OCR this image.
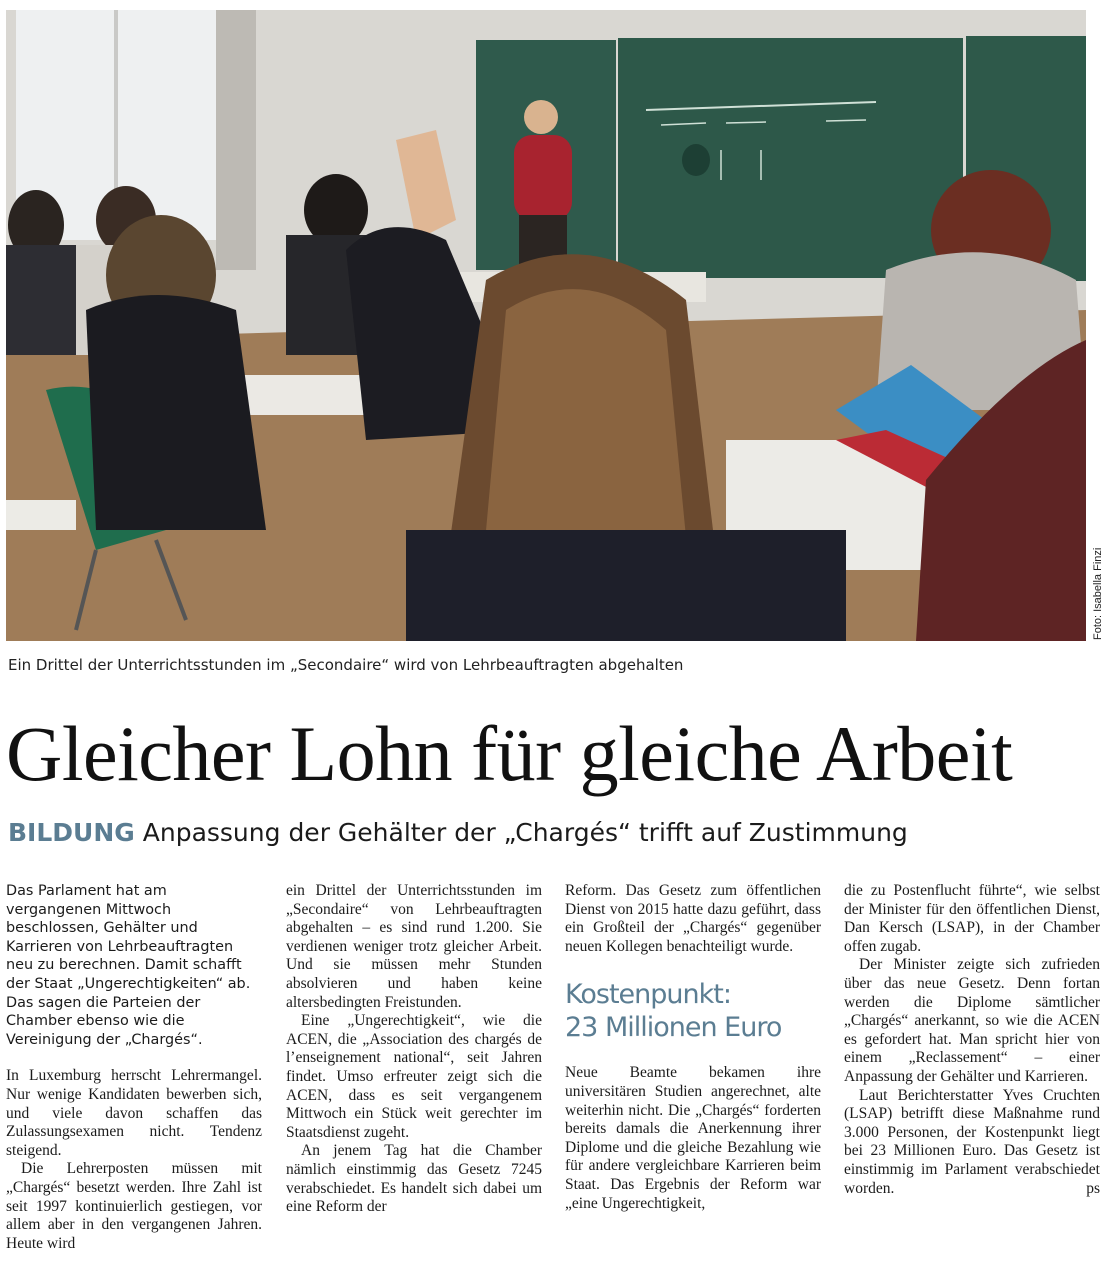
Foto: Isabella Finzi
Ein Drittel der Unterrichtsstunden im „Secondaire“ wird von Lehrbeauftragten abgehalten
Gleicher Lohn für gleiche Arbeit
BILDUNG Anpassung der Gehälter der „Chargés“ trifft auf Zustimmung

Das Parlament hat am vergangenen Mittwoch beschlossen, Gehälter und Karrieren von Lehrbeauftragten neu zu berechnen. Damit schafft der Staat „Ungerechtigkeiten“ ab. Das sagen die Parteien der Chamber ebenso wie die Vereinigung der „Chargés“.

In Luxemburg herrscht Lehrermangel. Nur wenige Kandidaten bewerben sich, und viele davon schaffen das Zulassungsexamen nicht. Tendenz steigend.

Die Lehrerposten müssen mit „Chargés“ besetzt werden. Ihre Zahl ist seit 1997 kontinuierlich gestiegen, vor allem aber in den vergangenen Jahren. Heute wird

ein Drittel der Unterrichtsstunden im „Secondaire“ von Lehrbeauftragten abgehalten – es sind rund 1.200. Sie verdienen weniger trotz gleicher Arbeit. Und sie müssen mehr Stunden absolvieren und haben keine altersbedingten Freistunden.

Eine „Ungerechtigkeit“, wie die ACEN, die „Association des chargés de l’enseignement national“, seit Jahren findet. Umso erfreuter zeigt sich die ACEN, dass es seit vergangenem Mittwoch ein Stück weit gerechter im Staatsdienst zugeht.

An jenem Tag hat die Chamber nämlich einstimmig das Gesetz 7245 verabschiedet. Es handelt sich dabei um eine Reform der

Reform. Das Gesetz zum öffentlichen Dienst von 2015 hatte dazu geführt, dass ein Großteil der „Chargés“ gegenüber neuen Kollegen benachteiligt wurde.

Kostenpunkt:
23 Millionen Euro

Neue Beamte bekamen ihre universitären Studien angerechnet, alte weiterhin nicht. Die „Chargés“ forderten bereits damals die Anerkennung ihrer Diplome und die gleiche Bezahlung wie für andere vergleichbare Karrieren beim Staat. Das Ergebnis der Reform war „eine Ungerechtigkeit,

die zu Postenflucht führte“, wie selbst der Minister für den öffentlichen Dienst, Dan Kersch (LSAP), in der Chamber offen zugab.

Der Minister zeigte sich zufrieden über das neue Gesetz. Denn fortan werden die Diplome sämtlicher „Chargés“ anerkannt, so wie die ACEN es gefordert hat. Man spricht hier von einem „Reclassement“ – einer Anpassung der Gehälter und Karrieren.

Laut Berichterstatter Yves Cruchten (LSAP) betrifft diese Maßnahme rund 3.000 Personen, der Kostenpunkt liegt bei 23 Millionen Euro. Das Gesetz ist einstimmig im Parlament verabschiedet worden.	ps
